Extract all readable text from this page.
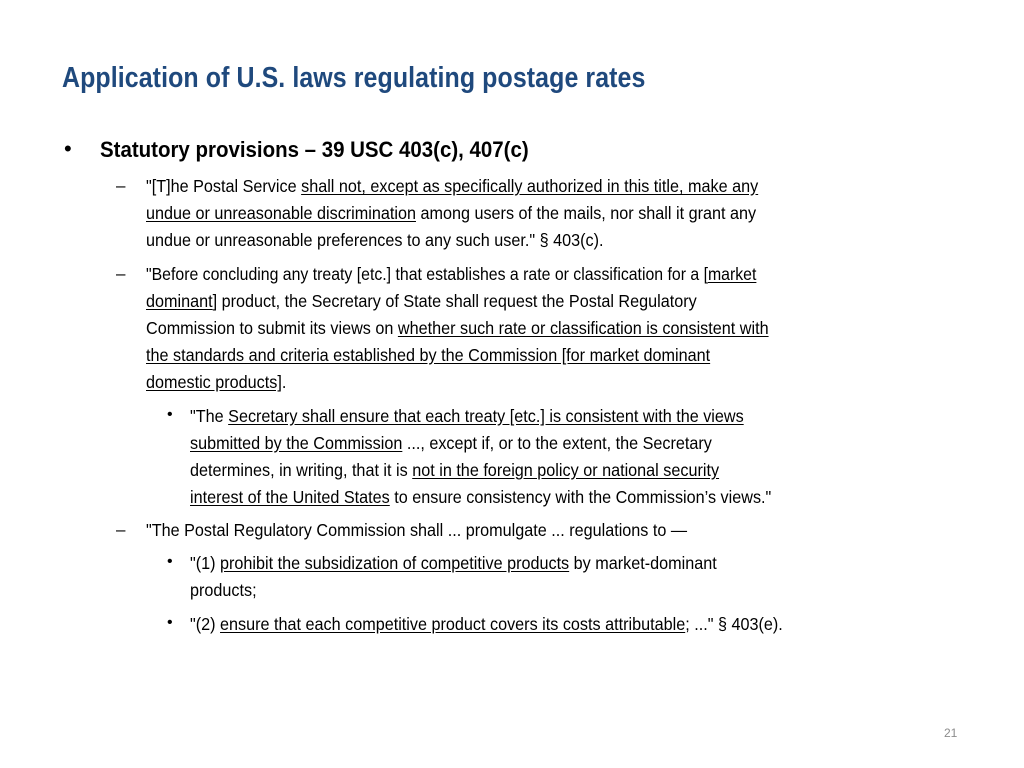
Application of U.S. laws regulating postage rates
• Statutory provisions – 39 USC 403(c), 407(c)
– "[T]he Postal Service shall not, except as specifically authorized in this title, make any
undue or unreasonable discrimination among users of the mails, nor shall it grant any
undue or unreasonable preferences to any such user." § 403(c).
– "Before concluding any treaty [etc.] that establishes a rate or classification for a [market
dominant] product, the Secretary of State shall request the Postal Regulatory
Commission to submit its views on whether such rate or classification is consistent with
the standards and criteria established by the Commission [for market dominant
domestic products].
• "The Secretary shall ensure that each treaty [etc.] is consistent with the views
submitted by the Commission ..., except if, or to the extent, the Secretary
determines, in writing, that it is not in the foreign policy or national security
interest of the United States to ensure consistency with the Commission’s views."
– "The Postal Regulatory Commission shall ... promulgate ... regulations to —
• "(1) prohibit the subsidization of competitive products by market-dominant
products;
• "(2) ensure that each competitive product covers its costs attributable; ..." § 403(e).
21
